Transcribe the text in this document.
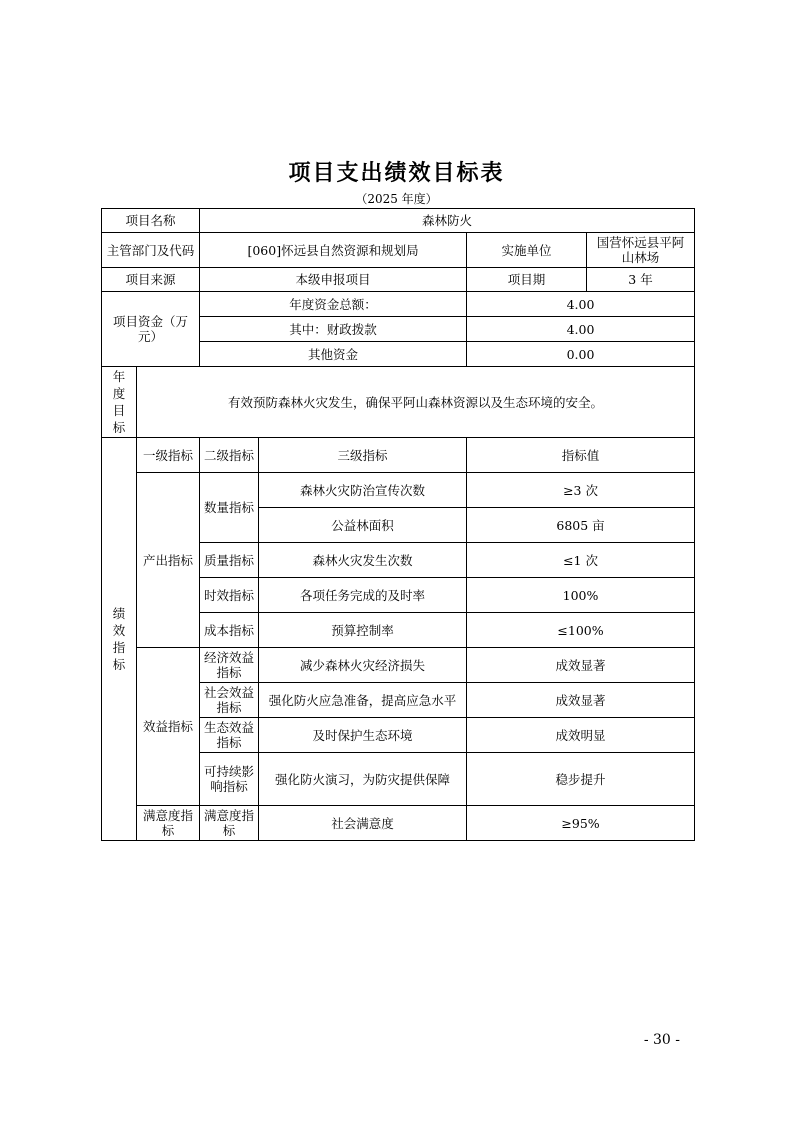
项目支出绩效目标表
（2025 年度）
项目名称		森林防火			
主管部门及代码		[060]怀远县自然资源和规划局		实施单位	国营怀远县平阿山林场
项目来源		本级申报项目		项目期	3 年
项目资金（万元）		年度资金总额：		4.00	
		其中：财政拨款		4.00	
		其他资金		0.00	
年度目标	有效预防森林火灾发生，确保平阿山森林资源以及生态环境的安全。				
绩效指标	一级指标	二级指标	三级指标	指标值	
	产出指标	数量指标	森林火灾防治宣传次数	≥3 次	
			公益林面积	6805 亩	
		质量指标	森林火灾发生次数	≤1 次	
		时效指标	各项任务完成的及时率	100%	
		成本指标	预算控制率	≤100%	
	效益指标	经济效益指标	减少森林火灾经济损失	成效显著	
		社会效益指标	强化防火应急准备，提高应急水平	成效显著	
		生态效益指标	及时保护生态环境	成效明显	
		可持续影响指标	强化防火演习，为防灾提供保障	稳步提升	
	满意度指标	满意度指标	社会满意度	≥95%	
- 30 -
